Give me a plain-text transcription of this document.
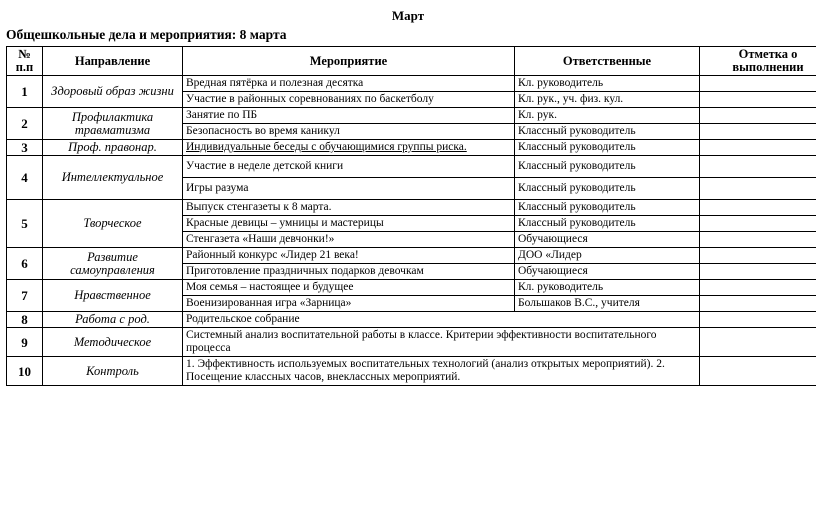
Март
Общешкольные дела и мероприятия: 8 марта
№ п.п	Направление	Мероприятие	Ответственные	Отметка о
выполнении
1	Здоровый образ жизни	Вредная пятёрка и полезная десятка	Кл. руководитель	
		Участие в районных соревнованиях по баскетболу	Кл. рук., уч. физ. кул.	
2	Профилактика травматизма	Занятие по ПБ	Кл. рук.	
		Безопасность во время каникул	Классный руководитель	
3	Проф. правонар.	Индивидуальные беседы с обучающимися группы риска.	Классный руководитель	
4	Интеллектуальное	Участие в неделе детской книги	Классный руководитель	
		Игры разума	Классный руководитель	
5	Творческое	Выпуск стенгазеты к 8 марта.	Классный руководитель	
		Красные девицы – умницы и мастерицы	Классный руководитель	
		Стенгазета «Наши девчонки!»	Обучающиеся	
6	Развитие самоуправления	Районный конкурс «Лидер 21 века!	ДОО «Лидер	
		Приготовление праздничных подарков девочкам	Обучающиеся	
7	Нравственное	Моя семья – настоящее и будущее	Кл. руководитель	
		Военизированная игра «Зарница»	Большаков В.С., учителя	
8	Работа с род.	Родительское собрание		
9	Методическое	Системный анализ воспитательной работы в классе. Критерии эффективности воспитательного процесса		
10	Контроль	1. Эффективность используемых воспитательных технологий (анализ открытых мероприятий). 2. Посещение классных часов, внеклассных мероприятий.		
